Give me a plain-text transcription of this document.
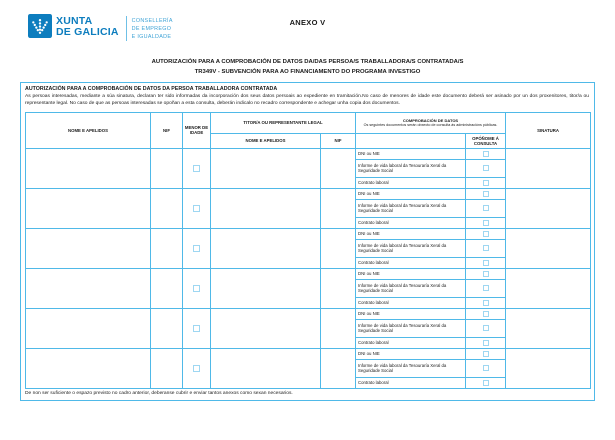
XUNTA
DE GALICIA
CONSELLERÍA
DE EMPREGO
E IGUALDADE
ANEXO V
AUTORIZACIÓN PARA A COMPROBACIÓN DE DATOS DA/DAS PERSOA/S TRABALLADORA/S CONTRATADA/S
TR349V - SUBVENCIÓN PARA AO FINANCIAMENTO DO PROGRAMA INVESTIGO
AUTORIZACIÓN PARA A COMPROBACIÓN DE DATOS DA PERSOA TRABALLADORA CONTRATADA
As persoas interesadas, mediante a súa sinatura, declaran ter sido informadas da incorporación dos seus datos persoais ao expediente en tramitación.No caso de menores de idade este documento deberá ser asinado por un dos proxenitores, titor/a ou representante legal. No caso de que as persoas interesadas se opoñan a esta consulta, deberán indicalo no recadro correspondente e achegar unha copia dos documentos.
NOME E APELIDOS	NIF	MENOR DE IDADE	TITOR/A OU REPRESENTANTE LEGAL		COMPROBACIÓN DE DATOS
Os seguintes documentos serán obxecto de consulta ás administracións públicas.		SINATURA
			NOME E APELIDOS	NIF		OPÓÑOME Á CONSULTA	
					DNI ou NIE		
					Informe de vida laboral da Tesouraría Xeral da Seguridade Social		
					Contrato laboral		
					DNI ou NIE		
					Informe de vida laboral da Tesouraría Xeral da Seguridade Social		
					Contrato laboral		
					DNI ou NIE		
					Informe de vida laboral da Tesouraría Xeral da Seguridade Social		
					Contrato laboral		
					DNI ou NIE		
					Informe de vida laboral da Tesouraría Xeral da Seguridade Social		
					Contrato laboral		
					DNI ou NIE		
					Informe de vida laboral da Tesouraría Xeral da Seguridade Social		
					Contrato laboral		
					DNI ou NIE		
					Informe de vida laboral da Tesouraría Xeral da Seguridade Social		
					Contrato laboral		
De non ser suficiente o espazo previsto no cadro anterior, deberanse cubrir e enviar tantos anexos como sexan necesarios.
